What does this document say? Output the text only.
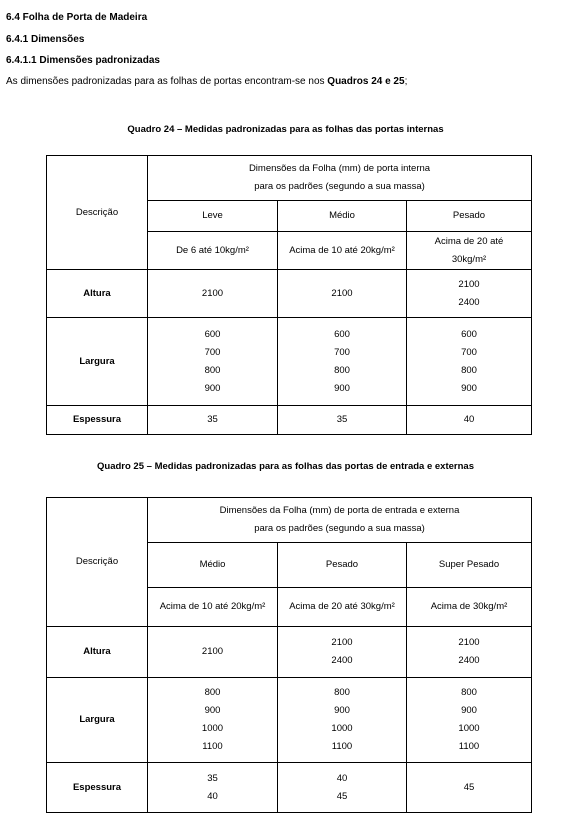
6.4 Folha de Porta de Madeira
6.4.1 Dimensões
6.4.1.1 Dimensões padronizadas
As dimensões padronizadas para as folhas de portas encontram-se nos Quadros 24 e 25;
Quadro 24 – Medidas padronizadas para as folhas das portas internas
Descrição	Dimensões da Folha (mm) de porta interna
para os padrões (segundo a sua massa)		

	Leve	Médio	Pesado
	De 6 até 10kg/m²	Acima de 10 até 20kg/m²	Acima de 20 até
30kg/m²

Altura	2100	2100	2100
2400

Largura	600
700
800
900	600
700
800
900	600
700
800
900

Espessura	35	35	40
Quadro 25 – Medidas padronizadas para as folhas das portas de entrada e externas
Descrição	Dimensões da Folha (mm) de porta de entrada e externa
para os padrões (segundo a sua massa)		

	Médio	Pesado	Super Pesado
	Acima de 10 até 20kg/m²	Acima de 20 até 30kg/m²	Acima de 30kg/m²
Altura	2100	2100
2400	2100
2400

Largura	800
900
1000
1100	800
900
1000
1100	800
900
1000
1100

Espessura	35
40	40
45	45
